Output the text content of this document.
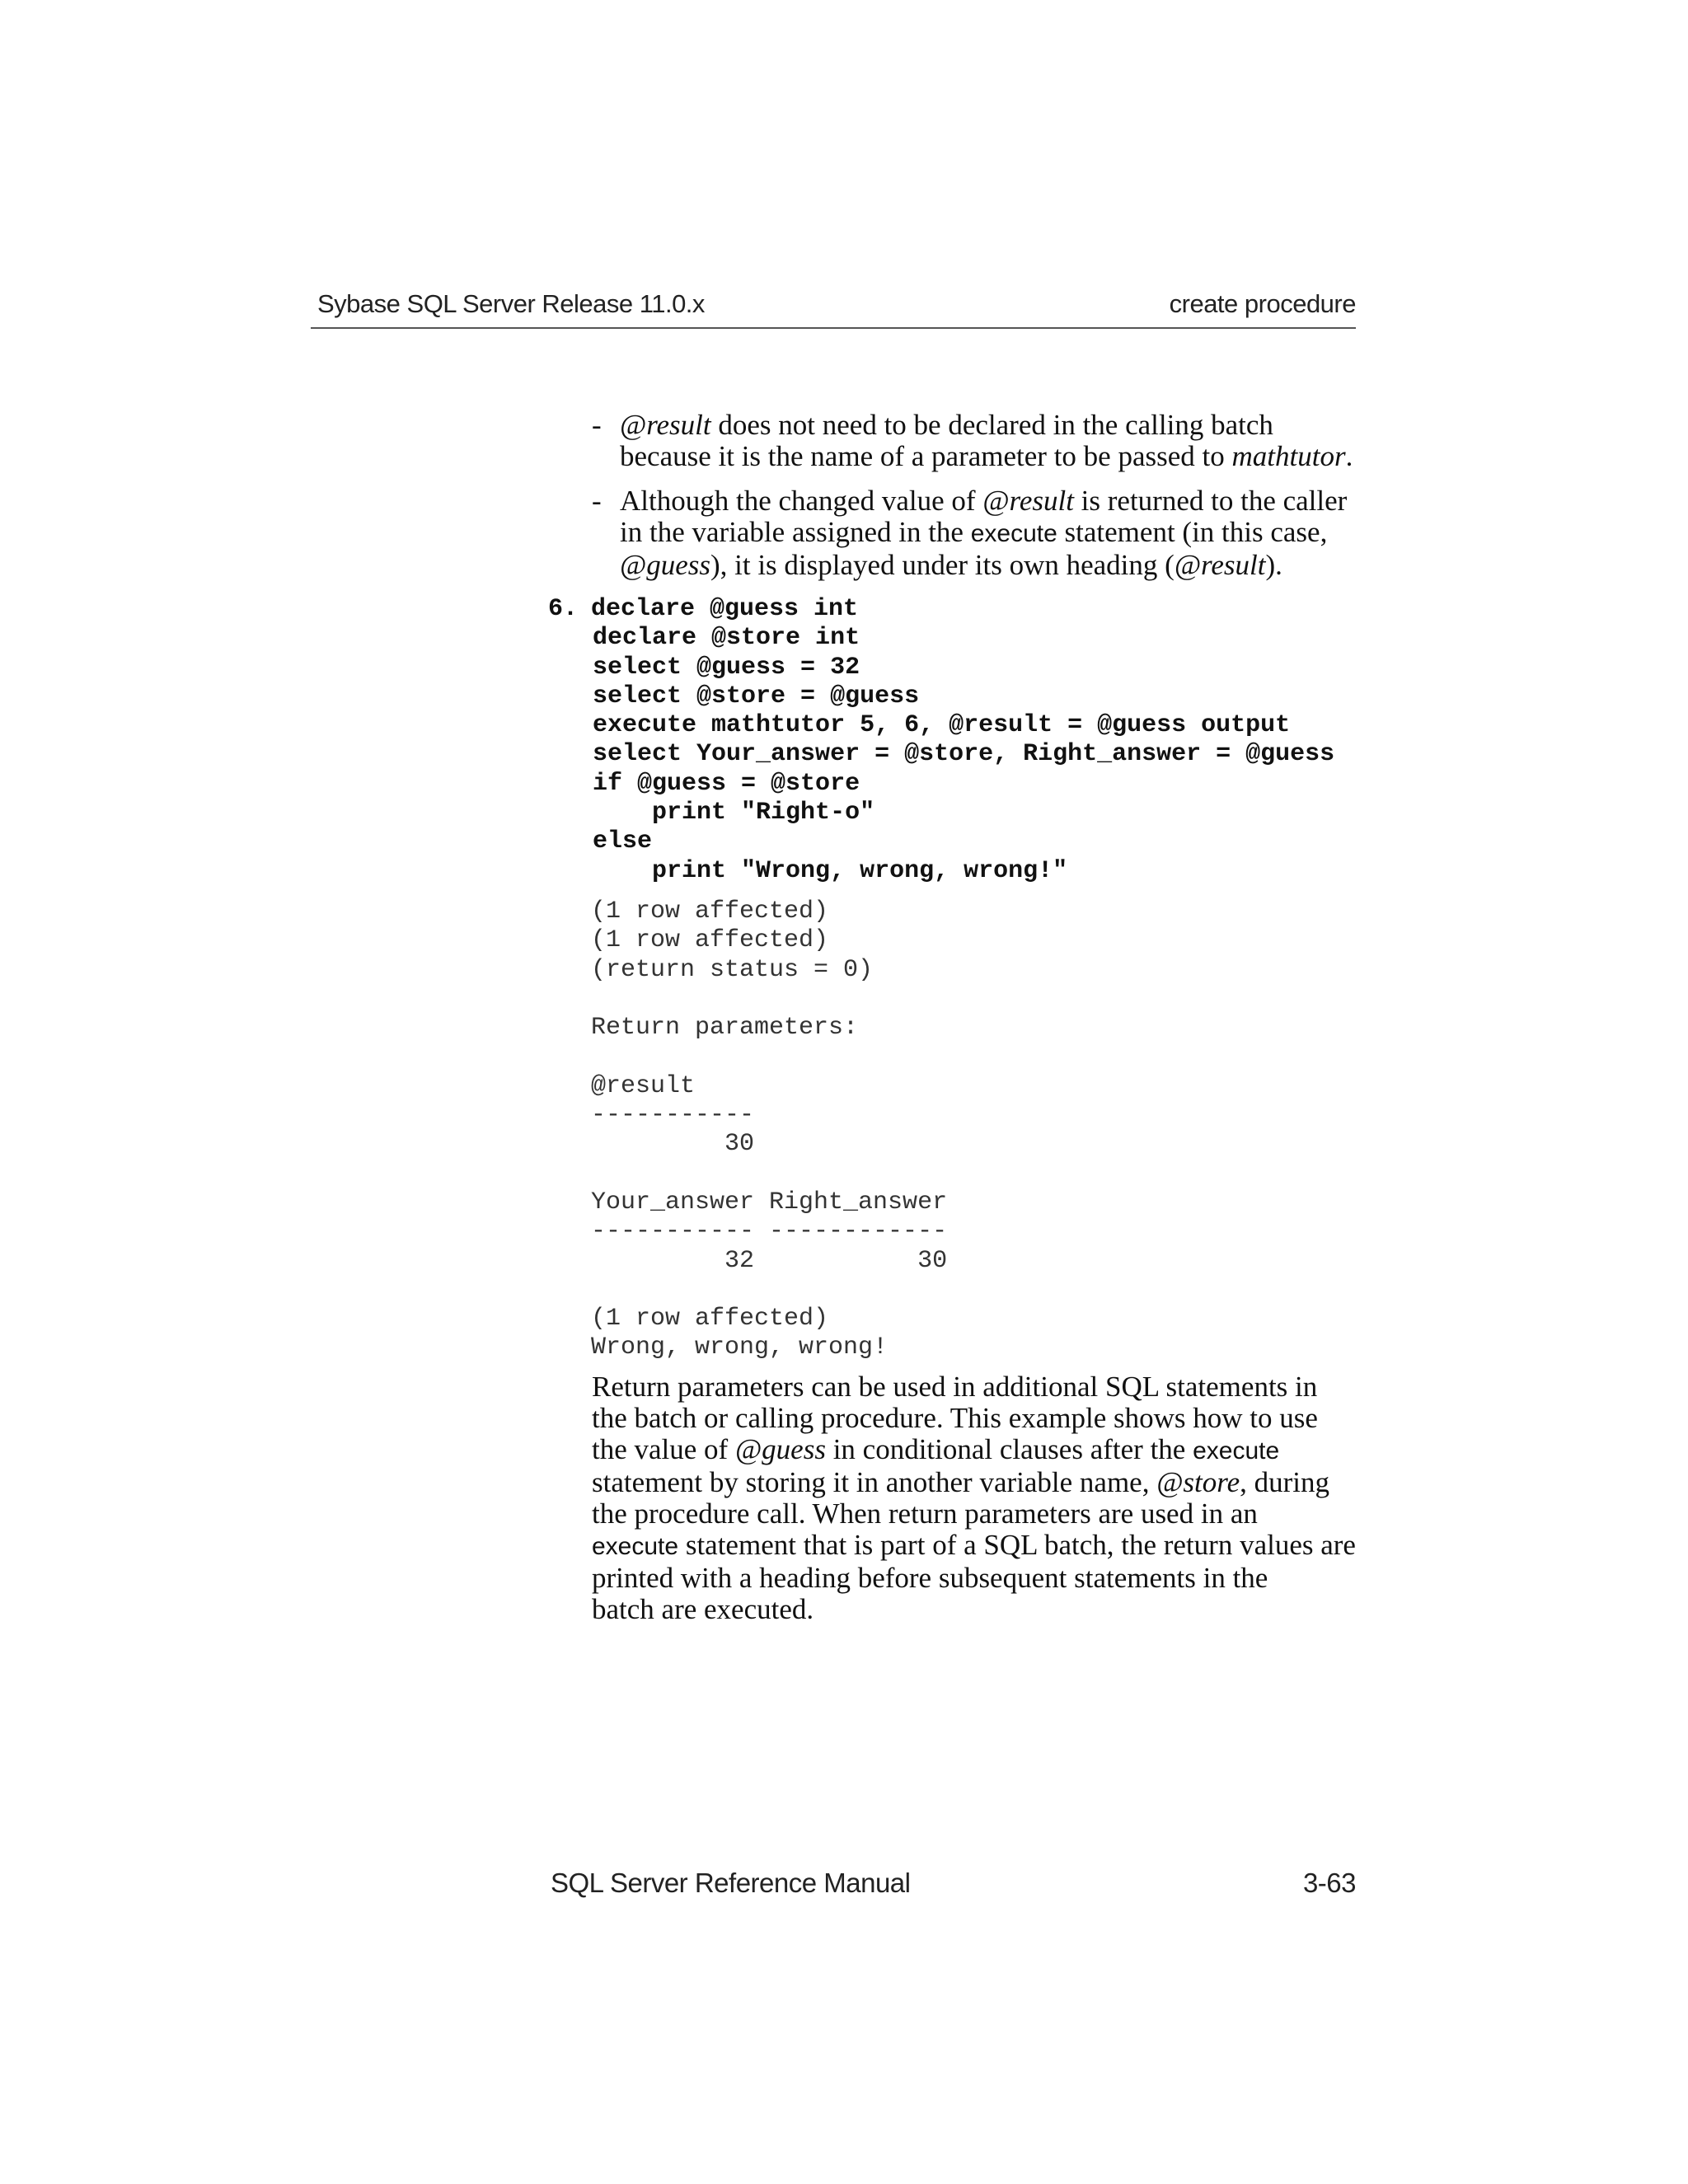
Sybase SQL Server Release 11.0.x	create procedure
- @result does not need to be declared in the calling batch
because it is the name of a parameter to be passed to mathtutor.
- Although the changed value of @result is returned to the caller
in the variable assigned in the execute statement (in this case,
@guess), it is displayed under its own heading (@result).
6. declare @guess int
declare @store int
select @guess = 32
select @store = @guess
execute mathtutor 5, 6, @result = @guess output
select Your_answer = @store, Right_answer = @guess
if @guess = @store
print "Right-o"
else
print "Wrong, wrong, wrong!"
(1 row affected)
(1 row affected)
(return status = 0)

Return parameters:

@result
-----------
30

Your_answer Right_answer
----------- ------------
32           30

(1 row affected)
Wrong, wrong, wrong!
Return parameters can be used in additional SQL statements in
the batch or calling procedure. This example shows how to use
the value of @guess in conditional clauses after the execute
statement by storing it in another variable name, @store, during
the procedure call. When return parameters are used in an
execute statement that is part of a SQL batch, the return values are
printed with a heading before subsequent statements in the
batch are executed.
SQL Server Reference Manual	3-63
